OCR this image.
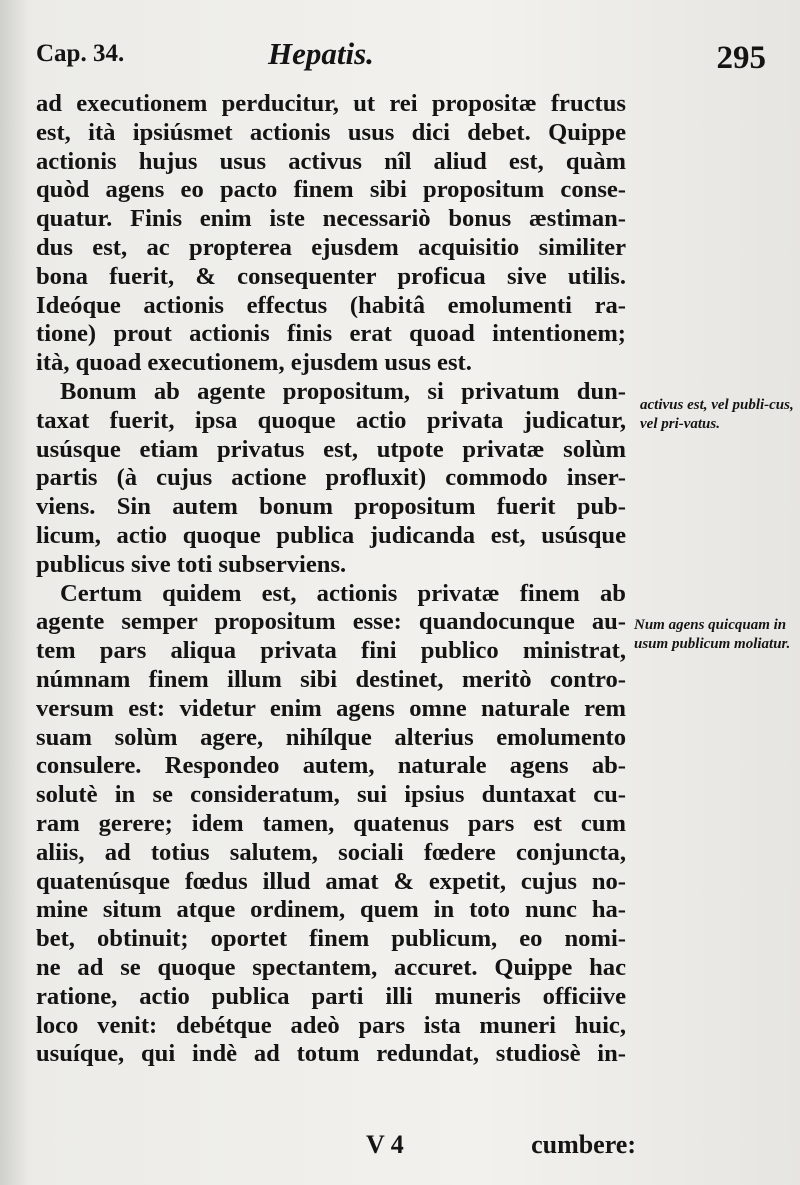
Cap. 34.	Hepatis.	295
ad executionem perducitur, ut rei propositæ fructus
est, ità ipsiúsmet actionis usus dici debet. Quippe
actionis hujus usus activus nîl aliud est, quàm
quòd agens eo pacto finem sibi propositum conse-
quatur. Finis enim iste necessariò bonus æstiman-
dus est, ac propterea ejusdem acquisitio similiter
bona fuerit, & consequenter proficua sive utilis.
Ideóque actionis effectus (habitâ emolumenti ra-
tione) prout actionis finis erat quoad intentionem;
ità, quoad executionem, ejusdem usus est.
Bonum ab agente propositum, si privatum dun-
taxat fuerit, ipsa quoque actio privata judicatur,
usúsque etiam privatus est, utpote privatæ solùm
partis (à cujus actione profluxit) commodo inser-
viens. Sin autem bonum propositum fuerit pub-
licum, actio quoque publica judicanda est, usúsque
publicus sive toti subserviens.
Certum quidem est, actionis privatæ finem ab
agente semper propositum esse: quandocunque au-
tem pars aliqua privata fini publico ministrat,
númnam finem illum sibi destinet, meritò contro-
versum est: videtur enim agens omne naturale rem
suam solùm agere, nihílque alterius emolumento
consulere. Respondeo autem, naturale agens ab-
solutè in se consideratum, sui ipsius duntaxat cu-
ram gerere; idem tamen, quatenus pars est cum
aliis, ad totius salutem, sociali fœdere conjuncta,
quatenúsque fœdus illud amat & expetit, cujus no-
mine situm atque ordinem, quem in toto nunc ha-
bet, obtinuit; oportet finem publicum, eo nomi-
ne ad se quoque spectantem, accuret. Quippe hac
ratione, actio publica parti illi muneris officiive
loco venit: debétque adeò pars ista muneri huic,
usuíque, qui indè ad totum redundat, studiosè in-
activus est, vel publi-cus, vel pri-vatus.
Num agens quicquam in usum publicum moliatur.
V 4	cumbere:
